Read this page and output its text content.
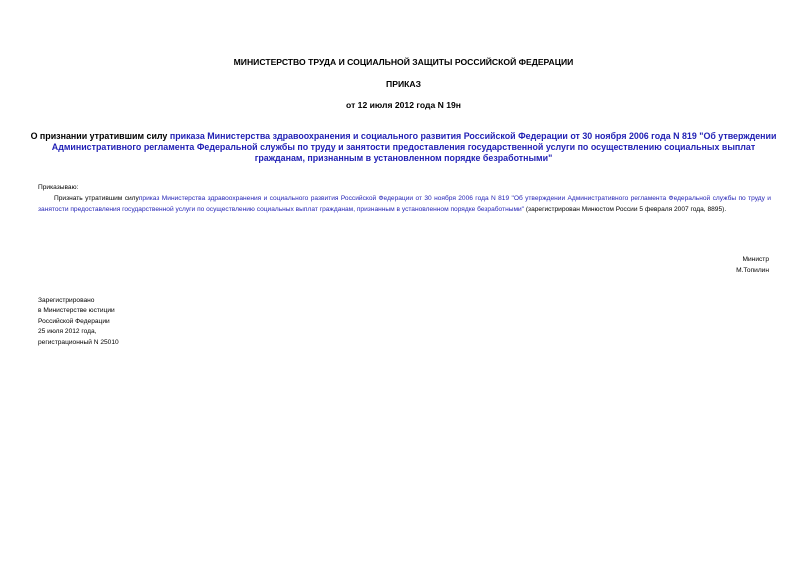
МИНИСТЕРСТВО ТРУДА И СОЦИАЛЬНОЙ ЗАЩИТЫ РОССИЙСКОЙ ФЕДЕРАЦИИ
ПРИКАЗ
от 12 июля 2012 года N 19н
О признании утратившим силу приказа Министерства здравоохранения и социального развития Российской Федерации от 30 ноября 2006 года N 819 "Об утверждении Административного регламента Федеральной службы по труду и занятости предоставления государственной услуги по осуществлению социальных выплат гражданам, признанным в установленном порядке безработными"
Приказываю:
Признать утратившим силуприказ Министерства здравоохранения и социального развития Российской Федерации от 30 ноября 2006 года N 819 "Об утверждении Административного регламента Федеральной службы по труду и занятости предоставления государственной услуги по осуществлению социальных выплат гражданам, признанным в установленном порядке безработными" (зарегистрирован Минюстом России 5 февраля 2007 года, 8895).
Министр
М.Топилин
Зарегистрировано
в Министерстве юстиции
Российской Федерации
25 июля 2012 года,
регистрационный N 25010
